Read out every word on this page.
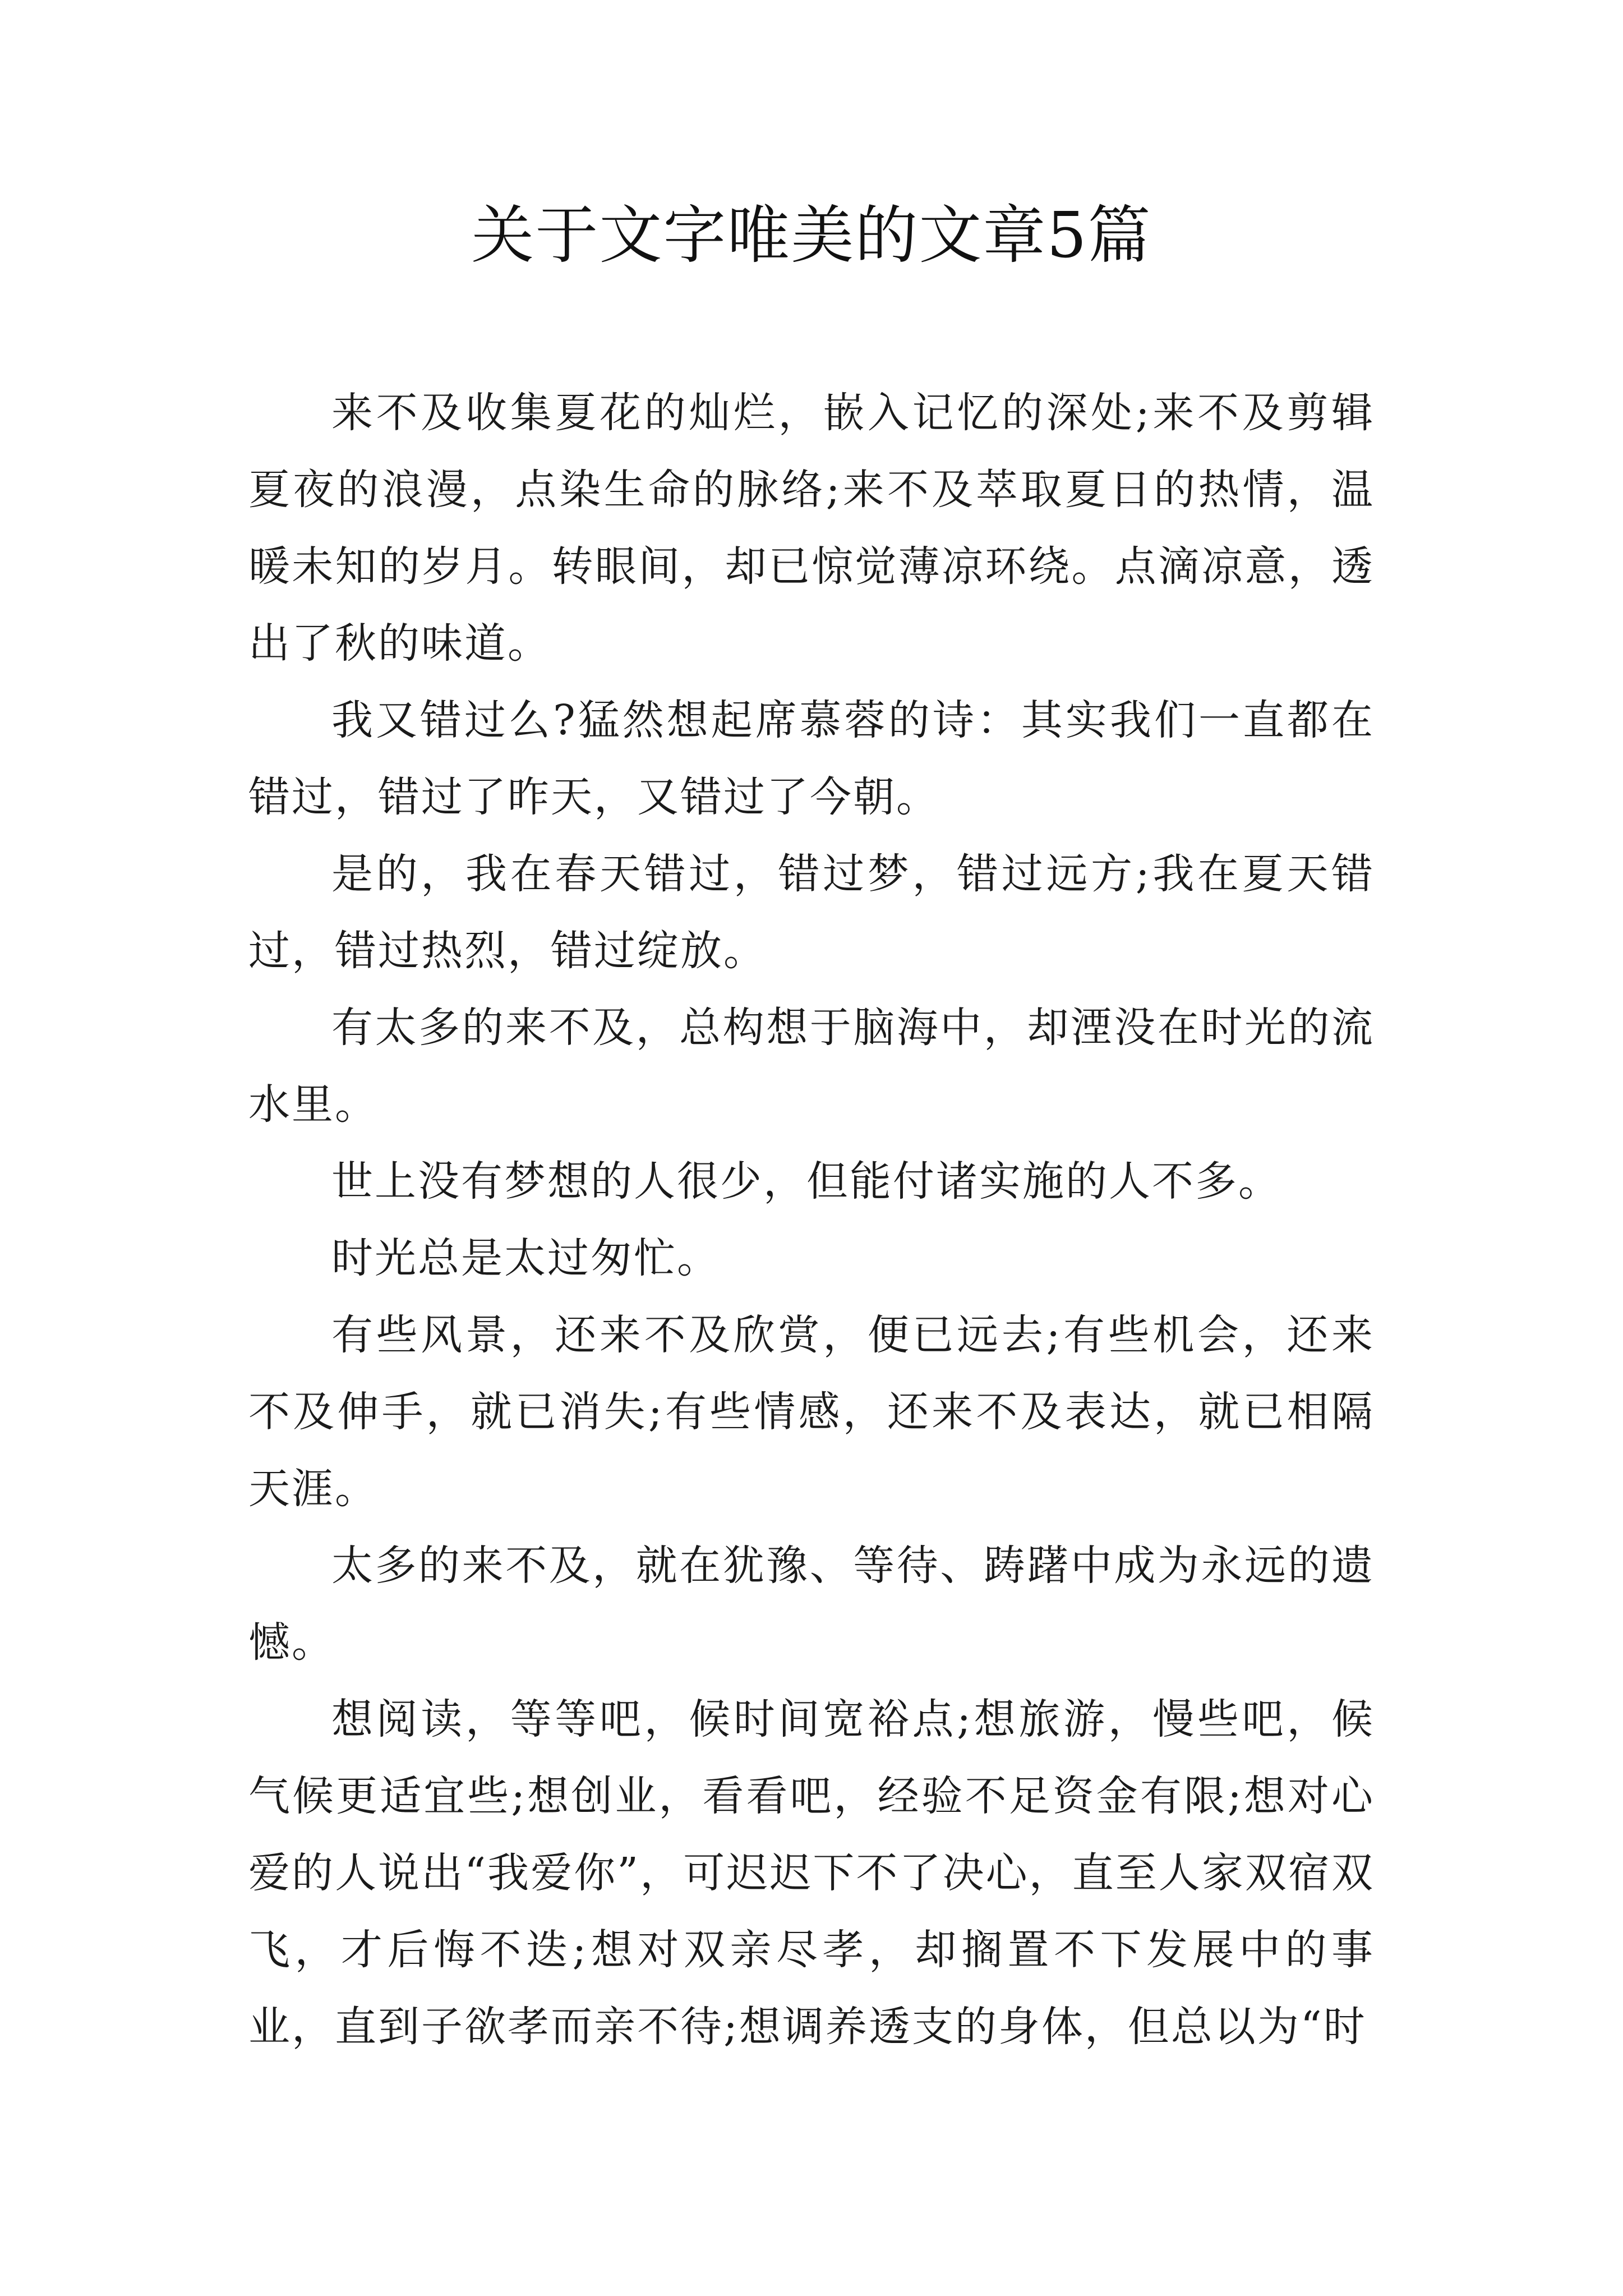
关于文字唯美的文章5篇

来不及收集夏花的灿烂，嵌入记忆的深处;来不及剪辑夏夜的浪漫，点染生命的脉络;来不及萃取夏日的热情，温暖未知的岁月。转眼间，却已惊觉薄凉环绕。点滴凉意，透出了秋的味道。

我又错过么?猛然想起席慕蓉的诗：其实我们一直都在错过，错过了昨天，又错过了今朝。

是的，我在春天错过，错过梦，错过远方;我在夏天错过，错过热烈，错过绽放。

有太多的来不及，总构想于脑海中，却湮没在时光的流水里。

世上没有梦想的人很少，但能付诸实施的人不多。

时光总是太过匆忙。

有些风景，还来不及欣赏，便已远去;有些机会，还来不及伸手，就已消失;有些情感，还来不及表达，就已相隔天涯。

太多的来不及，就在犹豫、等待、踌躇中成为永远的遗憾。

想阅读，等等吧，候时间宽裕点;想旅游，慢些吧，候气候更适宜些;想创业，看看吧，经验不足资金有限;想对心爱的人说出“我爱你”，可迟迟下不了决心，直至人家双宿双飞，才后悔不迭;想对双亲尽孝，却搁置不下发展中的事业，直到子欲孝而亲不待;想调养透支的身体，但总以为“时
